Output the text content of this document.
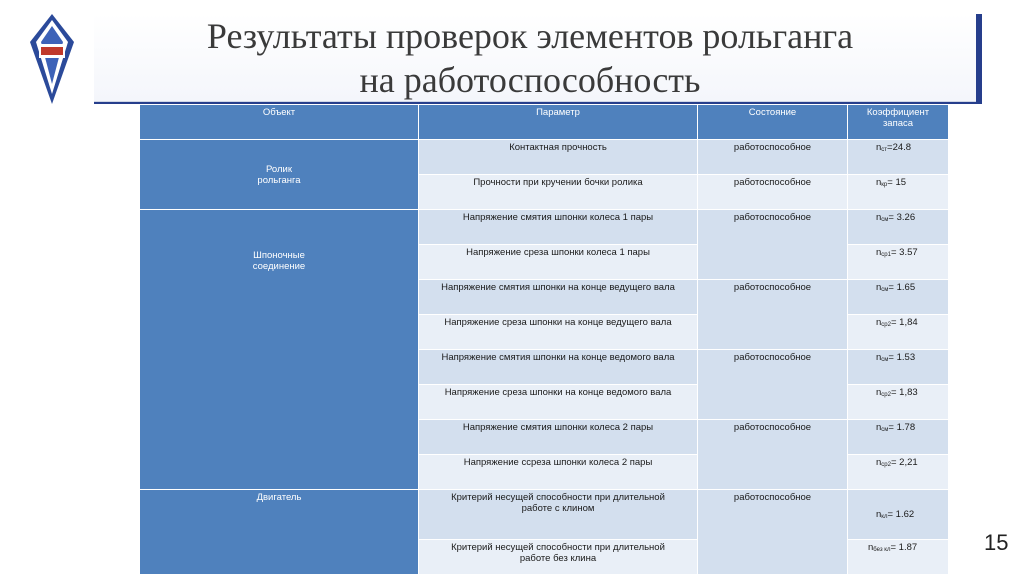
Результаты проверок элементов рольганга
на работоспособность
Объект	Параметр	Состояние	Коэффициент
запаса

Ролик
рольганга	Контактная прочность	работоспособное	$n_{ст}=24.8$
	Прочности при кручении бочки ролика	работоспособное	$n_{кр}= 15$

Шпоночные
соединение	Напряжение смятия шпонки колеса 1 пары	работоспособное	$n_{см}= 3.26$
	Напряжение среза шпонки колеса 1 пары		$n_{ср1}= 3.57$
	Напряжение смятия шпонки на конце ведущего вала	работоспособное	$n_{см}= 1.65$
	Напряжение среза шпонки на конце ведущего вала		$n_{ср2}= 1,84$
	Напряжение смятия шпонки на конце ведомого вала	работоспособное	$n_{см}= 1.53$
	Напряжение среза шпонки на конце ведомого вала		$n_{ср2}= 1,83$
	Напряжение смятия шпонки колеса 2 пары	работоспособное	$n_{см}= 1.78$
	Напряжение ссреза шпонки колеса 2 пары		$n_{ср2}= 2,21$
Двигатель	Критерий несущей способности при длительной
работе с клином	работоспособное	$n_{кл}= 1.62$

	Критерий несущей способности при длительной
работе без клина		$n_{без кл}= 1.87$	15
